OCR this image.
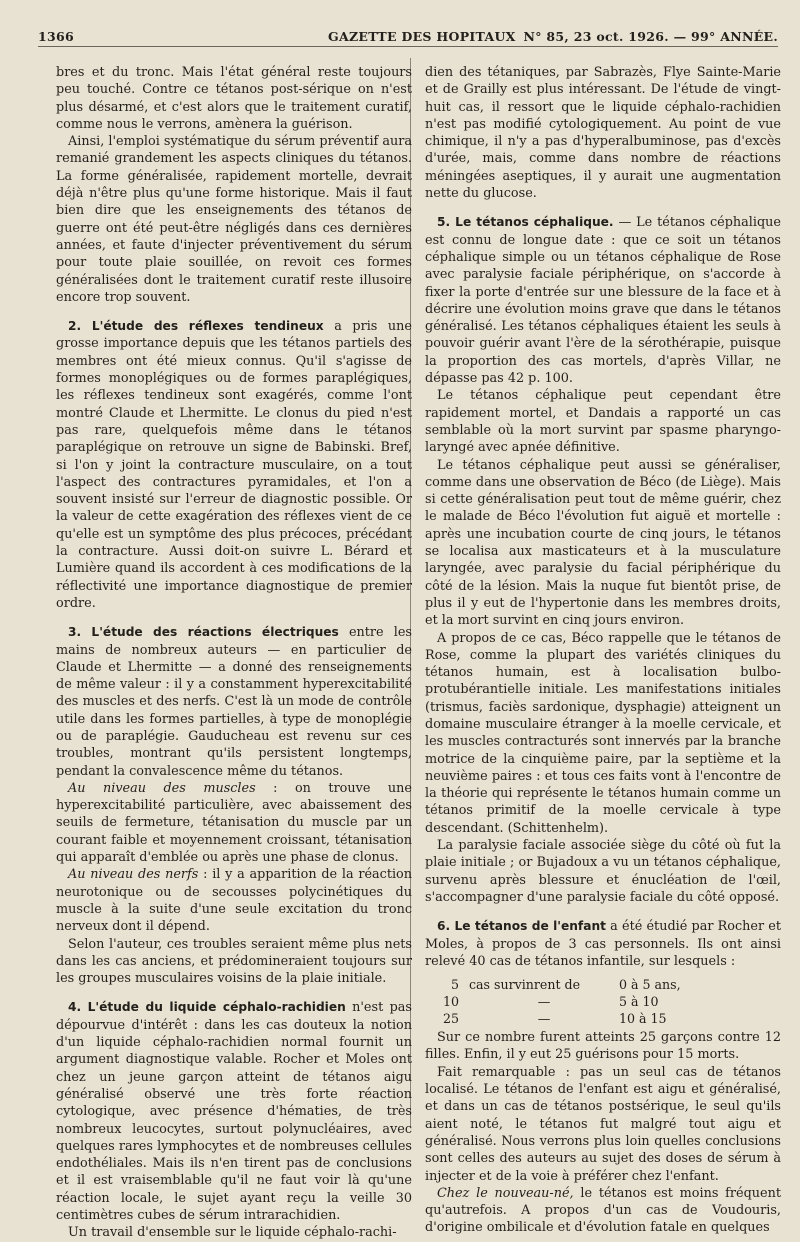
1366	GAZETTE DES HOPITAUX N° 85, 23 oct. 1926. — 99° ANNÉE.

bres et du tronc. Mais l'état général reste toujours peu touché. Contre ce tétanos post-sérique on n'est plus désarmé, et c'est alors que le traitement curatif, comme nous le verrons, amènera la guérison.

Ainsi, l'emploi systématique du sérum préventif aura remanié grandement les aspects cliniques du tétanos. La forme généralisée, rapidement mortelle, devrait déjà n'être plus qu'une forme historique. Mais il faut bien dire que les enseignements des tétanos de guerre ont été peut-être négligés dans ces dernières années, et faute d'injecter préventivement du sérum pour toute plaie souillée, on revoit ces formes généralisées dont le traitement curatif reste illusoire encore trop souvent.

2. L'étude des réflexes tendineux a pris une grosse importance depuis que les tétanos partiels des membres ont été mieux connus. Qu'il s'agisse de formes monoplégiques ou de formes paraplégiques, les réflexes tendineux sont exagérés, comme l'ont montré Claude et Lhermitte. Le clonus du pied n'est pas rare, quelquefois même dans le tétanos paraplégique on retrouve un signe de Babinski. Bref, si l'on y joint la contracture musculaire, on a tout l'aspect des contractures pyramidales, et l'on a souvent insisté sur l'erreur de diagnostic possible. Or la valeur de cette exagération des réflexes vient de ce qu'elle est un symptôme des plus précoces, précédant la contracture. Aussi doit-on suivre L. Bérard et Lumière quand ils accordent à ces modifications de la réflectivité une importance diagnostique de premier ordre.

3. L'étude des réactions électriques entre les mains de nombreux auteurs — en particulier de Claude et Lhermitte — a donné des renseignements de même valeur : il y a constamment hyperexcitabilité des muscles et des nerfs. C'est là un mode de contrôle utile dans les formes partielles, à type de monoplégie ou de paraplégie. Gauducheau est revenu sur ces troubles, montrant qu'ils persistent longtemps, pendant la convalescence même du tétanos.

Au niveau des muscles : on trouve une hyperexcitabilité particulière, avec abaissement des seuils de fermeture, tétanisation du muscle par un courant faible et moyennement croissant, tétanisation qui apparaît d'emblée ou après une phase de clonus.

Au niveau des nerfs : il y a apparition de la réaction neurotonique ou de secousses polycinétiques du muscle à la suite d'une seule excitation du tronc nerveux dont il dépend.

Selon l'auteur, ces troubles seraient même plus nets dans les cas anciens, et prédomineraient toujours sur les groupes musculaires voisins de la plaie initiale.

4. L'étude du liquide céphalo-rachidien n'est pas dépourvue d'intérêt : dans les cas douteux la notion d'un liquide céphalo-rachidien normal fournit un argument diagnostique valable. Rocher et Moles ont chez un jeune garçon atteint de tétanos aigu généralisé observé une très forte réaction cytologique, avec présence d'hématies, de très nombreux leucocytes, surtout polynucléaires, avec quelques rares lymphocytes et de nombreuses cellules endothéliales. Mais ils n'en tirent pas de conclusions et il est vraisemblable qu'il ne faut voir là qu'une réaction locale, le sujet ayant reçu la veille 30 centimètres cubes de sérum intrarachidien.

Un travail d'ensemble sur le liquide céphalo-rachi-

dien des tétaniques, par Sabrazès, Flye Sainte-Marie et de Grailly est plus intéressant. De l'étude de vingt-huit cas, il ressort que le liquide céphalo-rachidien n'est pas modifié cytologiquement. Au point de vue chimique, il n'y a pas d'hyperalbuminose, pas d'excès d'urée, mais, comme dans nombre de réactions méningées aseptiques, il y aurait une augmentation nette du glucose.

5. Le tétanos céphalique. — Le tétanos céphalique est connu de longue date : que ce soit un tétanos céphalique simple ou un tétanos céphalique de Rose avec paralysie faciale périphérique, on s'accorde à fixer la porte d'entrée sur une blessure de la face et à décrire une évolution moins grave que dans le tétanos généralisé. Les tétanos céphaliques étaient les seuls à pouvoir guérir avant l'ère de la sérothérapie, puisque la proportion des cas mortels, d'après Villar, ne dépasse pas 42 p. 100.

Le tétanos céphalique peut cependant être rapidement mortel, et Dandais a rapporté un cas semblable où la mort survint par spasme pharyngo-laryngé avec apnée définitive.

Le tétanos céphalique peut aussi se généraliser, comme dans une observation de Béco (de Liège). Mais si cette généralisation peut tout de même guérir, chez le malade de Béco l'évolution fut aiguë et mortelle : après une incubation courte de cinq jours, le tétanos se localisa aux masticateurs et à la musculature laryngée, avec paralysie du facial périphérique du côté de la lésion. Mais la nuque fut bientôt prise, de plus il y eut de l'hypertonie dans les membres droits, et la mort survint en cinq jours environ.

A propos de ce cas, Béco rappelle que le tétanos de Rose, comme la plupart des variétés cliniques du tétanos humain, est à localisation bulbo-protubérantielle initiale. Les manifestations initiales (trismus, faciès sardonique, dysphagie) atteignent un domaine musculaire étranger à la moelle cervicale, et les muscles contracturés sont innervés par la branche motrice de la cinquième paire, par la septième et la neuvième paires : et tous ces faits vont à l'encontre de la théorie qui représente le tétanos humain comme un tétanos primitif de la moelle cervicale à type descendant. (Schittenhelm).

La paralysie faciale associée siège du côté où fut la plaie initiale ; or Bujadoux a vu un tétanos céphalique, survenu après blessure et énucléation de l'œil, s'accompagner d'une paralysie faciale du côté opposé.

6. Le tétanos de l'enfant a été étudié par Rocher et Moles, à propos de 3 cas personnels. Ils ont ainsi relevé 40 cas de tétanos infantile, sur lesquels :

5 cas survinrent de	0 à 5 ans,
10	—	5 à 10
25	—	10 à 15

Sur ce nombre furent atteints 25 garçons contre 12 filles. Enfin, il y eut 25 guérisons pour 15 morts.

Fait remarquable : pas un seul cas de tétanos localisé. Le tétanos de l'enfant est aigu et généralisé, et dans un cas de tétanos postsérique, le seul qu'ils aient noté, le tétanos fut malgré tout aigu et généralisé. Nous verrons plus loin quelles conclusions sont celles des auteurs au sujet des doses de sérum à injecter et de la voie à préférer chez l'enfant.

Chez le nouveau-né, le tétanos est moins fréquent qu'autrefois. A propos d'un cas de Voudouris, d'origine ombilicale et d'évolution fatale en quelques
